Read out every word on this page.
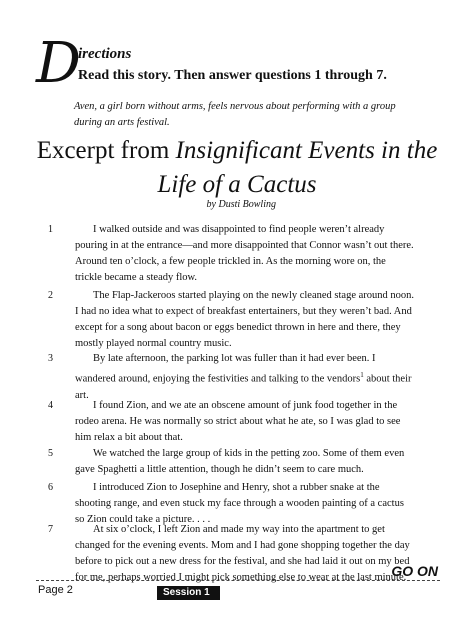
D
irections
Read this story. Then answer questions 1 through 7.
Aven, a girl born without arms, feels nervous about performing with a group during an arts festival.
Excerpt from Insignificant Events in the
Life of a Cactus
by Dusti Bowling
1	I walked outside and was disappointed to find people weren’t already pouring in at the entrance—and more disappointed that Connor wasn’t out there. Around ten o’clock, a few people trickled in. As the morning wore on, the trickle became a steady flow.
2	The Flap-Jackeroos started playing on the newly cleaned stage around noon. I had no idea what to expect of breakfast entertainers, but they weren’t bad. And except for a song about bacon or eggs benedict thrown in here and there, they mostly played normal country music.
3	By late afternoon, the parking lot was fuller than it had ever been. I wandered around, enjoying the festivities and talking to the vendors$^1$ about their art.
4	I found Zion, and we ate an obscene amount of junk food together in the rodeo arena. He was normally so strict about what he ate, so I was glad to see him relax a bit about that.
5	We watched the large group of kids in the petting zoo. Some of them even gave Spaghetti a little attention, though he didn’t seem to care much.
6	I introduced Zion to Josephine and Henry, shot a rubber snake at the shooting range, and even stuck my face through a wooden painting of a cactus so Zion could take a picture. . . .
7	At six o’clock, I left Zion and made my way into the apartment to get changed for the evening events. Mom and I had gone shopping together the day before to pick out a new dress for the festival, and she had laid it out on my bed for me, perhaps worried I might pick something else to wear at the last minute.
GO ON
Page 2	Session 1
